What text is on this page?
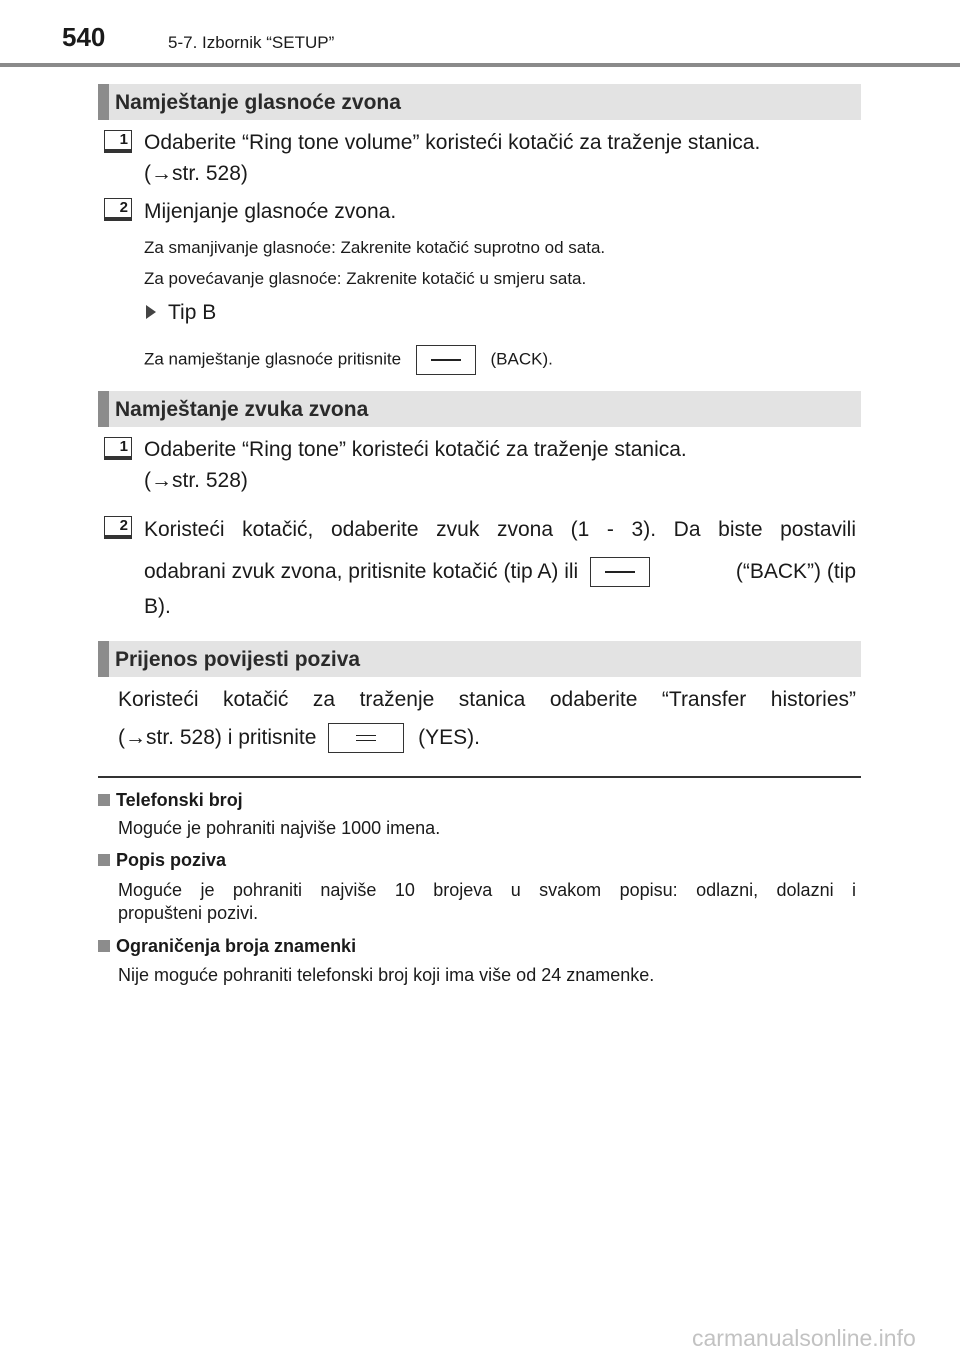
540	5-7. Izbornik “SETUP”
Namještanje glasnoće zvona
1 Odaberite “Ring tone volume” koristeći kotačić za traženje stanica.
(→str. 528)
2 Mijenjanje glasnoće zvona.
Za smanjivanje glasnoće: Zakrenite kotačić suprotno od sata.
Za povećavanje glasnoće: Zakrenite kotačić u smjeru sata.
Tip B
Za namještanje glasnoće pritisnite	(BACK).
Namještanje zvuka zvona
1 Odaberite “Ring tone” koristeći kotačić za traženje stanica.
(→str. 528)
2 Koristeći kotačić, odaberite zvuk zvona (1 - 3). Da biste postavili
odabrani zvuk zvona, pritisnite kotačić (tip A) ili	(“BACK”) (tip
B).
Prijenos povijesti poziva
Koristeći kotačić za traženje stanica odaberite “Transfer histories”
(→str. 528) i pritisnite	(YES).
Telefonski broj
Moguće je pohraniti najviše 1000 imena.
Popis poziva
Moguće je pohraniti najviše 10 brojeva u svakom popisu: odlazni, dolazni i
propušteni pozivi.
Ograničenja broja znamenki
Nije moguće pohraniti telefonski broj koji ima više od 24 znamenke.
carmanualsonline.info
